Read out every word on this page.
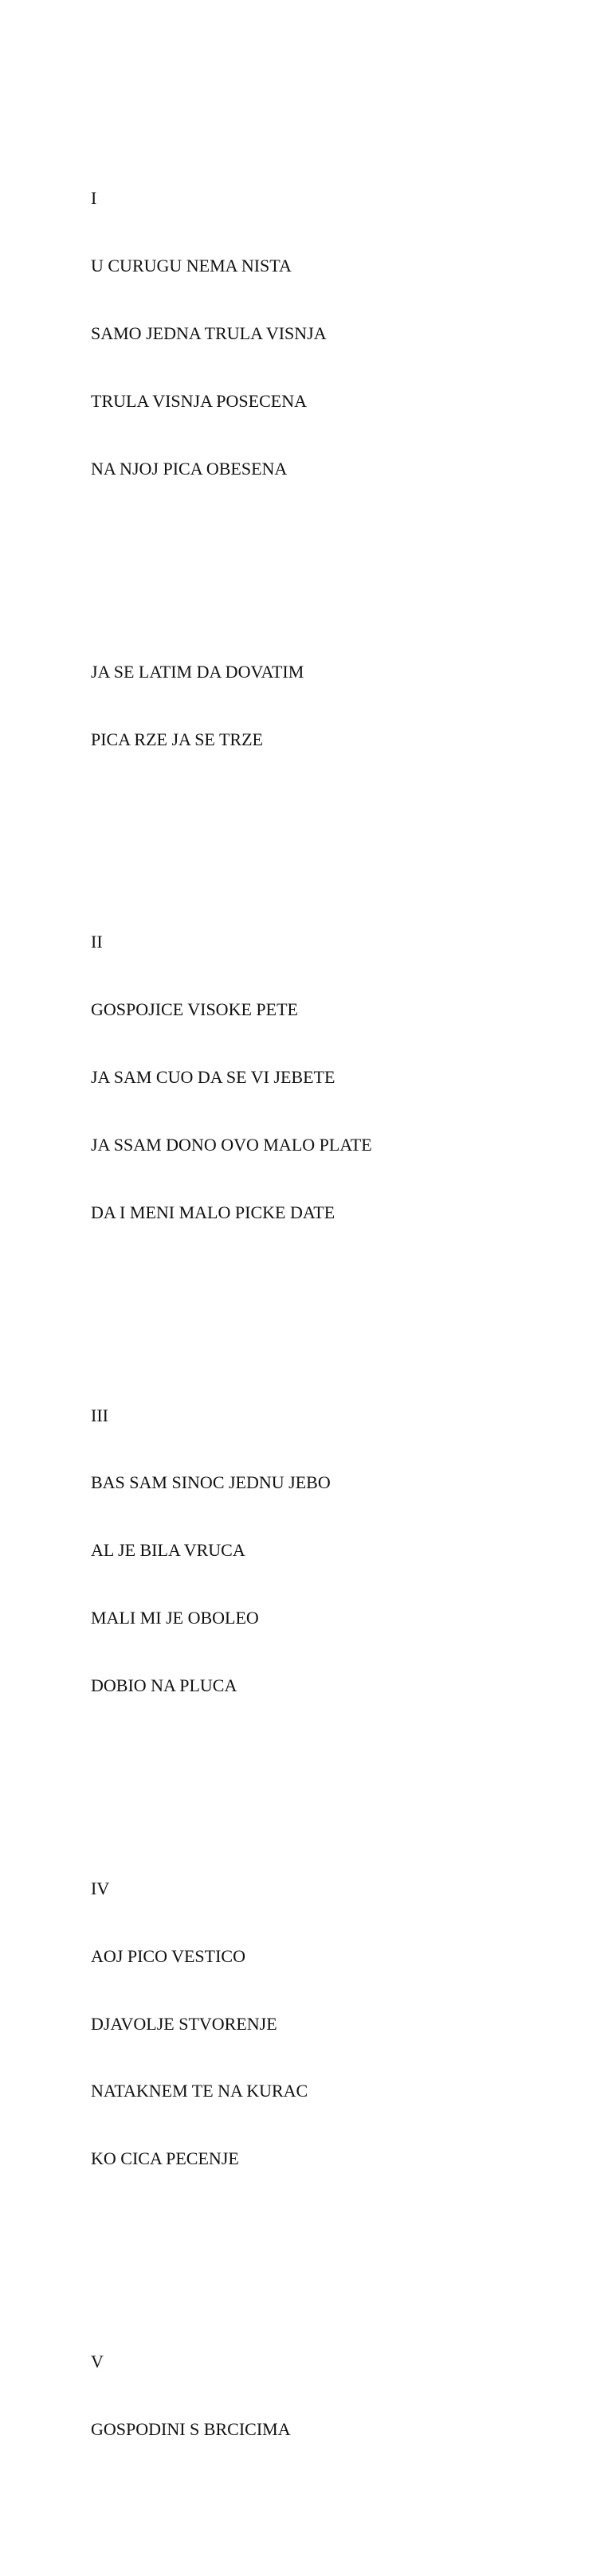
I

U CURUGU NEMA NISTA

SAMO JEDNA TRULA VISNJA

TRULA VISNJA POSECENA

NA NJOJ PICA OBESENA

JA SE LATIM DA DOVATIM

PICA RZE JA SE TRZE

II

GOSPOJICE VISOKE PETE

JA SAM CUO DA SE VI JEBETE

JA SSAM DONO OVO MALO PLATE

DA I MENI MALO PICKE DATE

III

BAS SAM SINOC JEDNU JEBO

AL JE BILA VRUCA

MALI MI JE OBOLEO

DOBIO NA PLUCA

IV

AOJ PICO VESTICO

DJAVOLJE STVORENJE

NATAKNEM TE NA KURAC

KO CICA PECENJE

V

GOSPODINI S BRCICIMA
